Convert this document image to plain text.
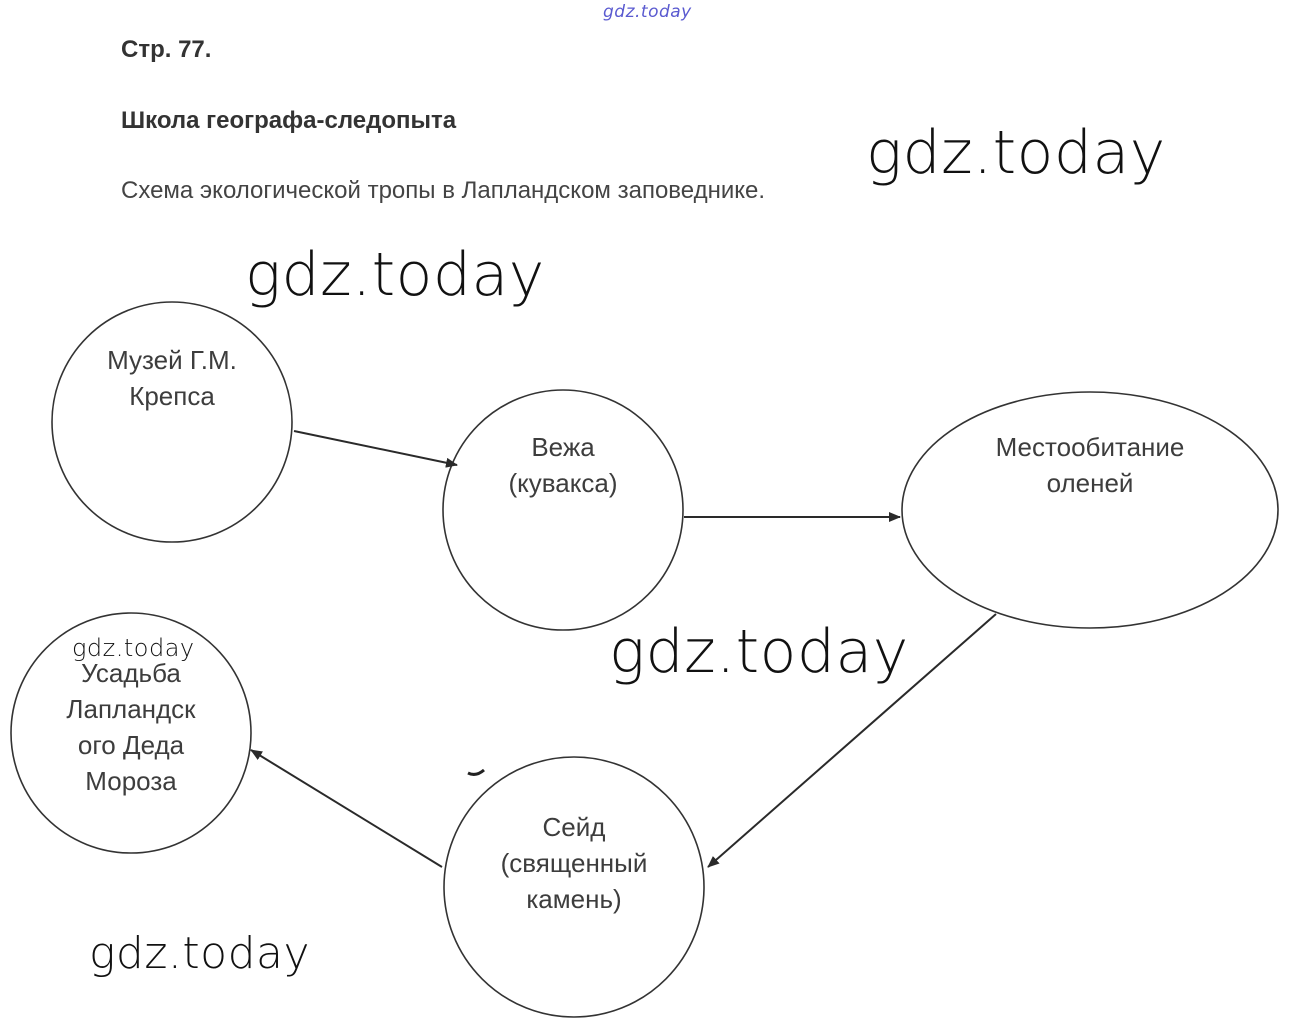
gdz.today
gdz.today
gdz.today
Стр. 77.
Школа географа-следопыта
Схема экологической тропы в Лапландском заповеднике.
Музей Г.М.
Крепса
Вежа
(кувакса)
Местообитание
оленей
Сейд
(священный
камень)
Усадьба
Лапландск
ого Деда
Мороза
gdz.today
gdz.today
gdz.today
